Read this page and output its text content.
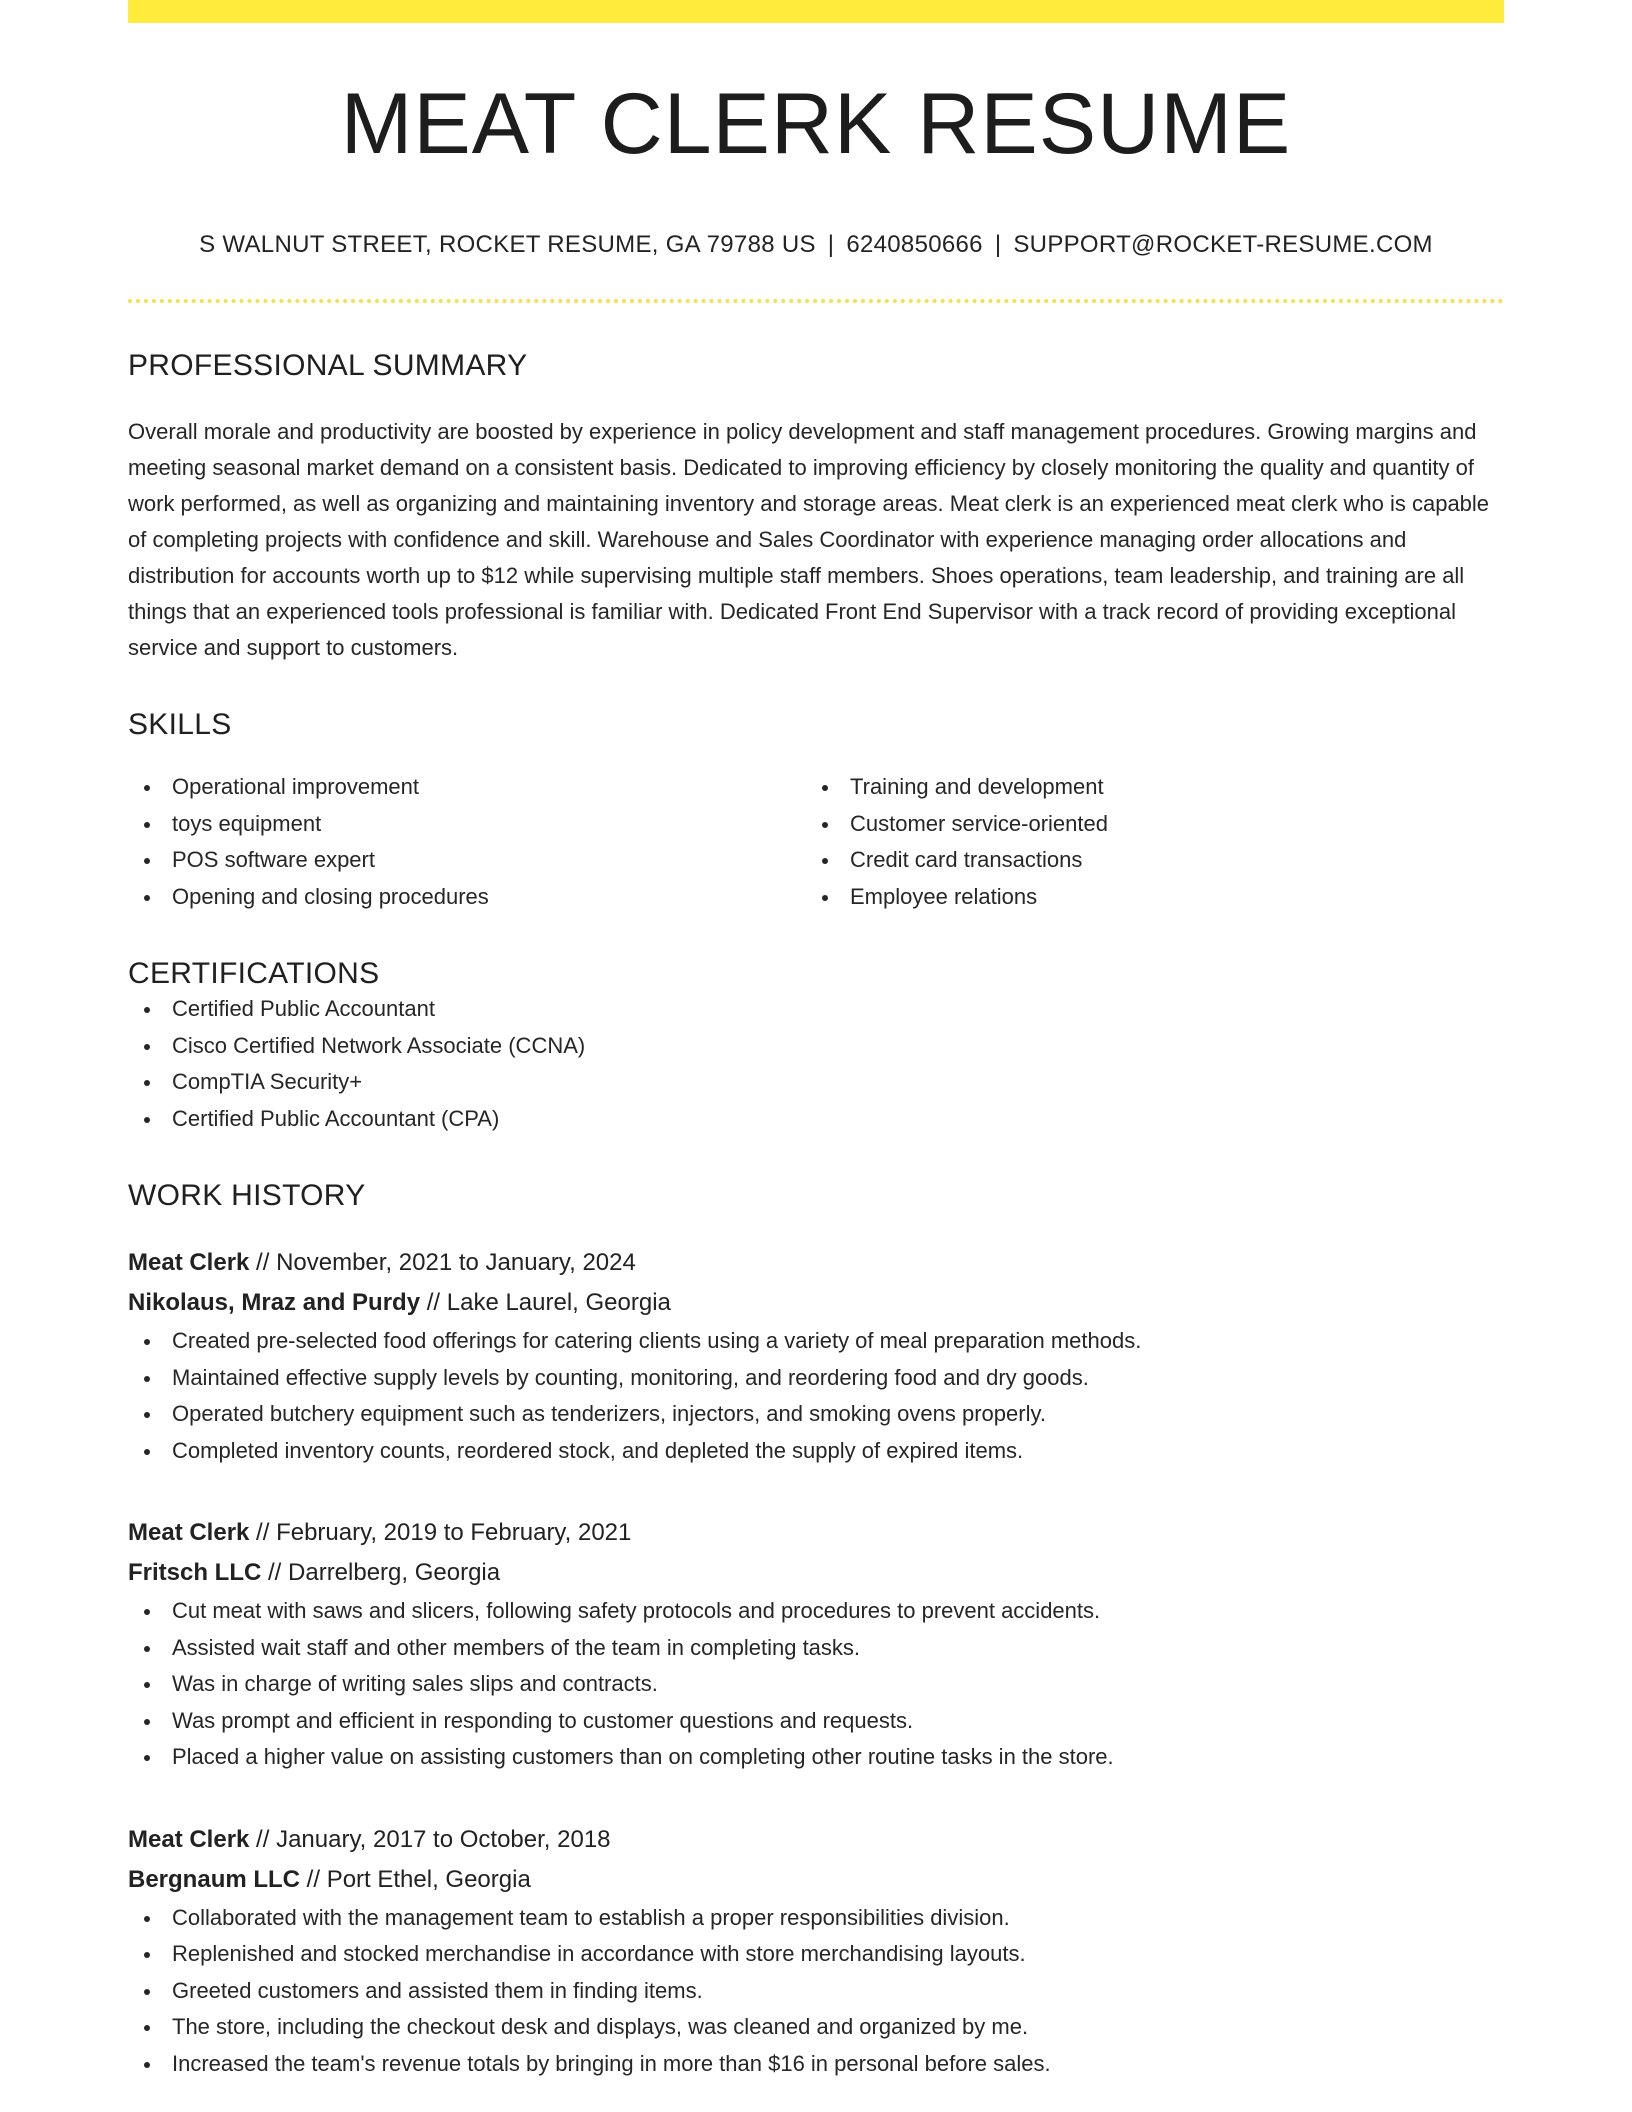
MEAT CLERK RESUME
S WALNUT STREET, ROCKET RESUME, GA 79788 US | 6240850666 | SUPPORT@ROCKET-RESUME.COM
PROFESSIONAL SUMMARY

Overall morale and productivity are boosted by experience in policy development and staff management procedures. Growing margins and meeting seasonal market demand on a consistent basis. Dedicated to improving efficiency by closely monitoring the quality and quantity of work performed, as well as organizing and maintaining inventory and storage areas. Meat clerk is an experienced meat clerk who is capable of completing projects with confidence and skill. Warehouse and Sales Coordinator with experience managing order allocations and distribution for accounts worth up to $12 while supervising multiple staff members. Shoes operations, team leadership, and training are all things that an experienced tools professional is familiar with. Dedicated Front End Supervisor with a track record of providing exceptional service and support to customers.

SKILLS
Operational improvement
toys equipment
POS software expert
Opening and closing procedures
Training and development
Customer service-oriented
Credit card transactions
Employee relations
CERTIFICATIONS
Certified Public Accountant
Cisco Certified Network Associate (CCNA)
CompTIA Security+
Certified Public Accountant (CPA)
WORK HISTORY
Meat Clerk // November, 2021 to January, 2024
Nikolaus, Mraz and Purdy // Lake Laurel, Georgia
Created pre-selected food offerings for catering clients using a variety of meal preparation methods.
Maintained effective supply levels by counting, monitoring, and reordering food and dry goods.
Operated butchery equipment such as tenderizers, injectors, and smoking ovens properly.
Completed inventory counts, reordered stock, and depleted the supply of expired items.
Meat Clerk // February, 2019 to February, 2021
Fritsch LLC // Darrelberg, Georgia
Cut meat with saws and slicers, following safety protocols and procedures to prevent accidents.
Assisted wait staff and other members of the team in completing tasks.
Was in charge of writing sales slips and contracts.
Was prompt and efficient in responding to customer questions and requests.
Placed a higher value on assisting customers than on completing other routine tasks in the store.
Meat Clerk // January, 2017 to October, 2018
Bergnaum LLC // Port Ethel, Georgia
Collaborated with the management team to establish a proper responsibilities division.
Replenished and stocked merchandise in accordance with store merchandising layouts.
Greeted customers and assisted them in finding items.
The store, including the checkout desk and displays, was cleaned and organized by me.
Increased the team's revenue totals by bringing in more than $16 in personal before sales.
